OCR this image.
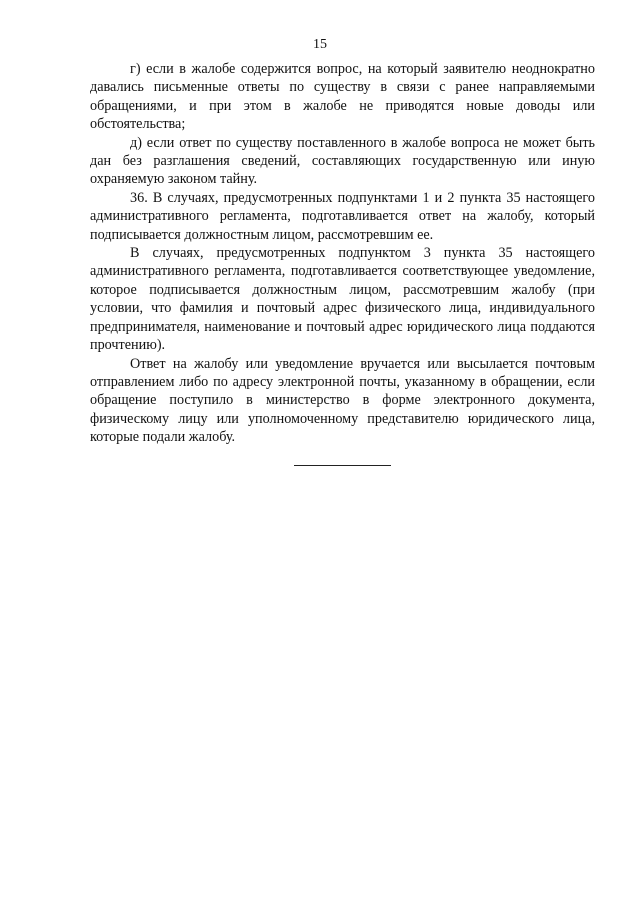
15

г) если в жалобе содержится вопрос, на который заявителю неоднократно давались письменные ответы по существу в связи с ранее направляемыми обращениями, и при этом в жалобе не приводятся новые доводы или обстоятельства;

д) если ответ по существу поставленного в жалобе вопроса не может быть дан без разглашения сведений, составляющих государственную или иную охраняемую законом тайну.

36. В случаях, предусмотренных подпунктами 1 и 2 пункта 35 настоящего административного регламента, подготавливается ответ на жалобу, который подписывается должностным лицом, рассмотревшим ее.

В случаях, предусмотренных подпунктом 3 пункта 35 настоящего административного регламента, подготавливается соответствующее уведомление, которое подписывается должностным лицом, рассмотревшим жалобу (при условии, что фамилия и почтовый адрес физического лица, индивидуального предпринимателя, наименование и почтовый адрес юридического лица поддаются прочтению).

Ответ на жалобу или уведомление вручается или высылается почтовым отправлением либо по адресу электронной почты, указанному в обращении, если обращение поступило в министерство в форме электронного документа, физическому лицу или уполномоченному представителю юридического лица, которые подали жалобу.
